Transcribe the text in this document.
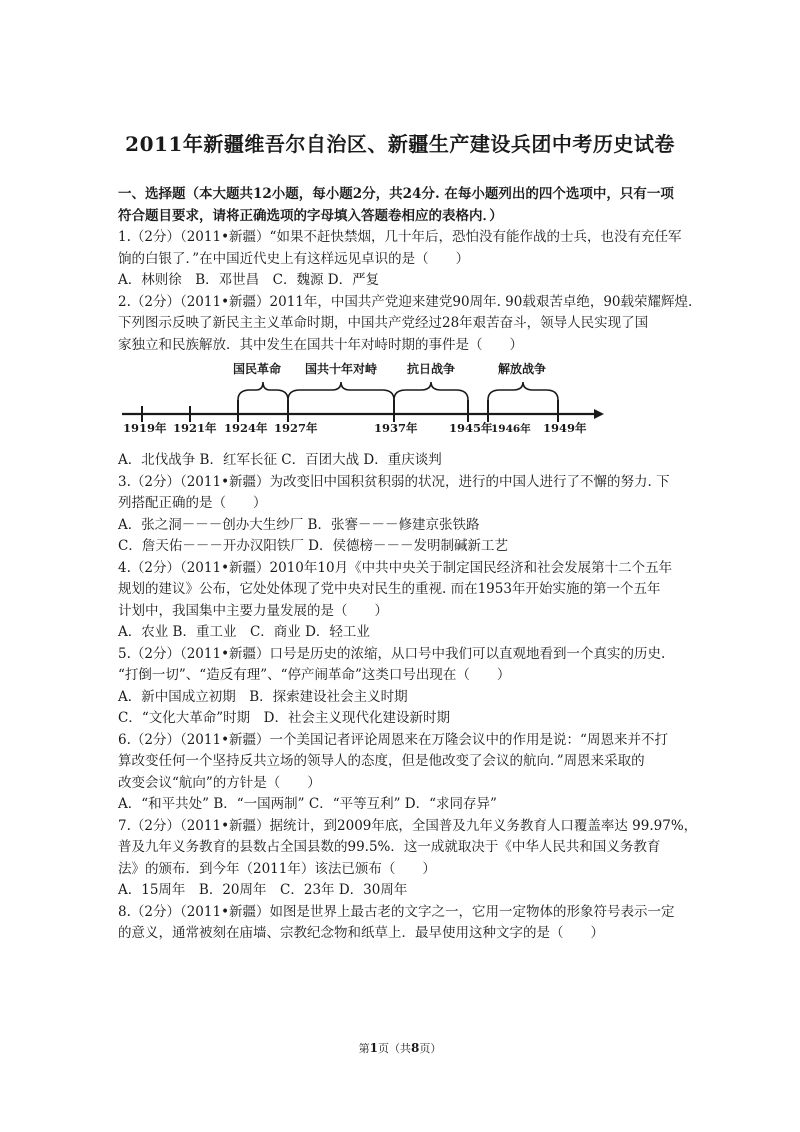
2011年新疆维吾尔自治区、新疆生产建设兵团中考历史试卷
一、选择题（本大题共12小题，每小题2分，共24分. 在每小题列出的四个选项中，只有一项
符合题目要求，请将正确选项的字母填入答题卷相应的表格内．）
1.（2分）（2011•新疆）“如果不赶快禁烟，几十年后，恐怕没有能作战的士兵，也没有充任军
饷的白银了．”在中国近代史上有这样远见卓识的是（　　）
A．林则徐　B．邓世昌　C．魏源 D．严复
2.（2分）（2011•新疆）2011年，中国共产党迎来建党90周年. 90载艰苦卓绝，90载荣耀辉煌.
下列图示反映了新民主主义革命时期，中国共产党经过28年艰苦奋斗，领导人民实现了国
家独立和民族解放．其中发生在国共十年对峙时期的事件是（　　）
国民革命 国共十年对峙 抗日战争	解放战争
1919年 1921年 1924年 1927年	1937年	1945年
1946年 1949年
A．北伐战争 B．红军长征 C．百团大战 D．重庆谈判
3.（2分）（2011•新疆）为改变旧中国积贫积弱的状况，进行的中国人进行了不懈的努力. 下
列搭配正确的是（　　）
A．张之洞－－－创办大生纱厂 B．张謇－－－修建京张铁路
C．詹天佑－－－开办汉阳铁厂 D．侯德榜－－－发明制碱新工艺
4.（2分）（2011•新疆）2010年10月《中共中央关于制定国民经济和社会发展第十二个五年
规划的建议》公布，它处处体现了党中央对民生的重视. 而在1953年开始实施的第一个五年
计划中，我国集中主要力量发展的是（　　）
A．农业 B．重工业　C．商业 D．轻工业
5.（2分）（2011•新疆）口号是历史的浓缩，从口号中我们可以直观地看到一个真实的历史.
“打倒一切”、“造反有理”、“停产闹革命”这类口号出现在（　　）
A．新中国成立初期　B．探索建设社会主义时期
C．“文化大革命”时期　D．社会主义现代化建设新时期
6.（2分）（2011•新疆）一个美国记者评论周恩来在万隆会议中的作用是说：“周恩来并不打
算改变任何一个坚持反共立场的领导人的态度，但是他改变了会议的航向．”周恩来采取的
改变会议“航向”的方针是（　　）
A．“和平共处” B．“一国两制” C．“平等互利” D．“求同存异”
7.（2分）（2011•新疆）据统计，到2009年底，全国普及九年义务教育人口覆盖率达 99.97%，
普及九年义务教育的县数占全国县数的99.5%．这一成就取决于《中华人民共和国义务教育
法》的颁布．到今年（2011年）该法已颁布（　　）
A．15周年　B．20周年　C．23年 D．30周年
8.（2分）（2011•新疆）如图是世界上最古老的文字之一，它用一定物体的形象符号表示一定
的意义，通常被刻在庙墙、宗教纪念物和纸草上．最早使用这种文字的是（　　）
第1页（共8页）
